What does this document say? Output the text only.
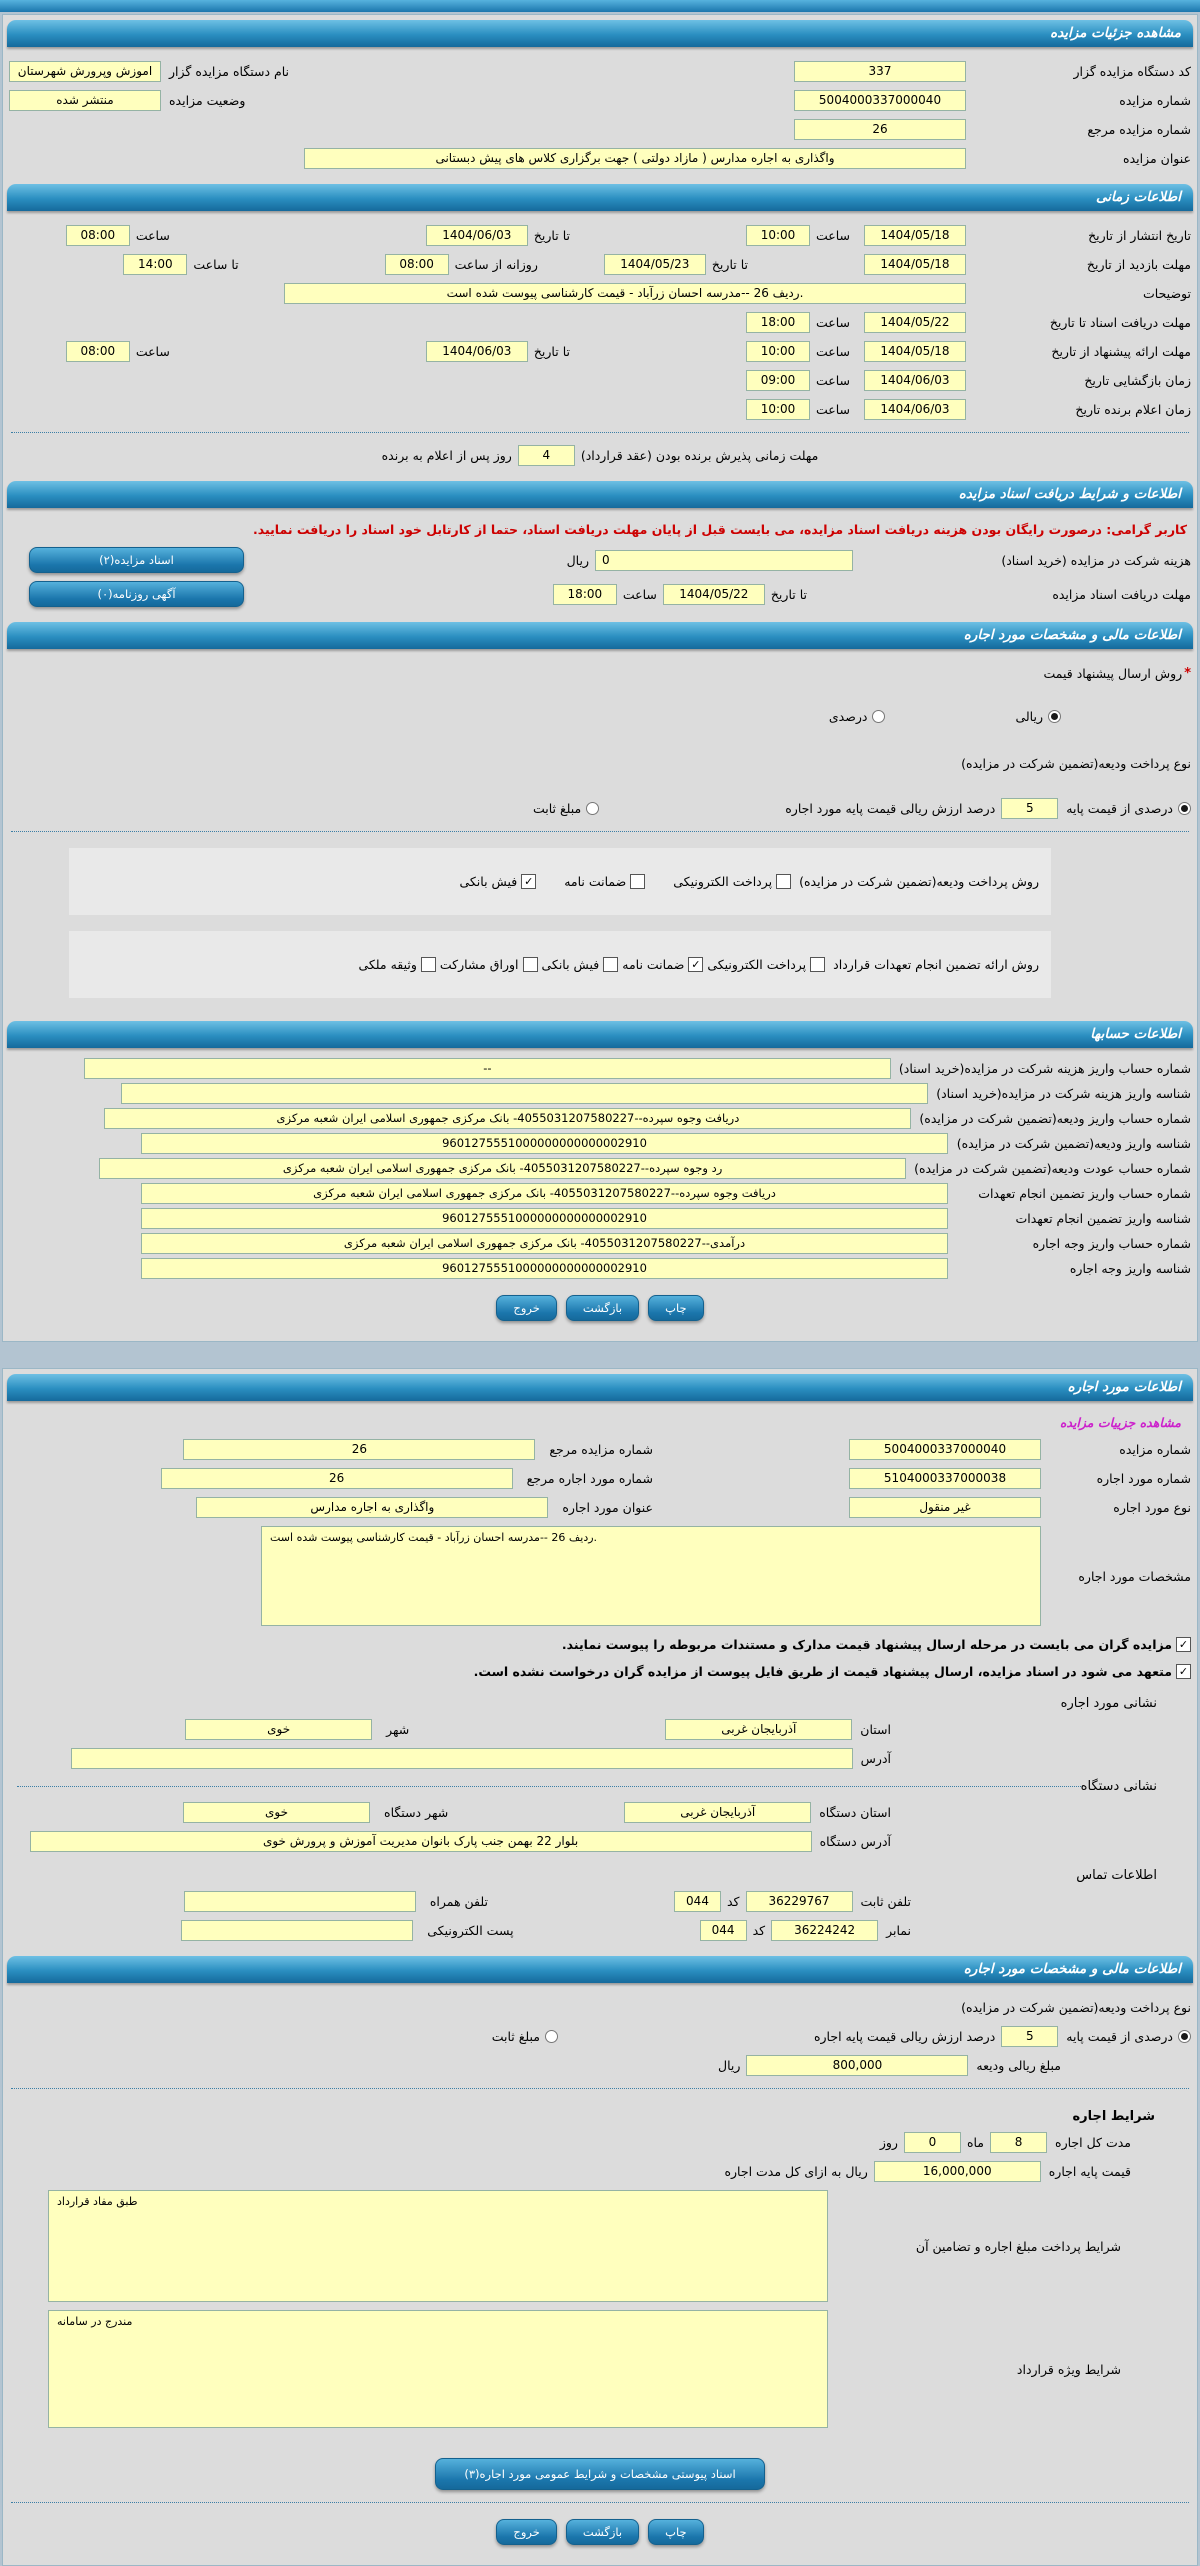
مشاهده جزئیات مزایده
کد دستگاه مزایده گزار
337
نام دستگاه مزایده گزار
اموزش وپرورش شهرستان
شماره مزایده
5004000337000040
وضعیت مزایده
منتشر شده
شماره مزایده مرجع
26
عنوان مزایده
واگذاری به اجاره مدارس ( مازاد دولتی ) جهت برگزاری کلاس های پیش دبستانی
اطلاعات زمانی
تاریخ انتشار از تاریخ
1404/05/18
ساعت
10:00
تا تاریخ
1404/06/03
ساعت
08:00
مهلت بازدید از تاریخ
1404/05/18
تا تاریخ
1404/05/23
روزانه از ساعت
08:00
تا ساعت
14:00
توضیحات
ردیف 26 --مدرسه احسان زرآباد - قیمت کارشناسی پیوست شده است.
مهلت دریافت اسناد تا تاریخ
1404/05/22
ساعت
18:00
مهلت ارائه پیشنهاد از تاریخ
1404/05/18
ساعت
10:00
تا تاریخ
1404/06/03
ساعت
08:00
زمان بازگشایی تاریخ
1404/06/03
ساعت
09:00
زمان اعلام برنده تاریخ
1404/06/03
ساعت
10:00
مهلت زمانی پذیرش برنده بودن (عقد قرارداد)
4
روز پس از اعلام به برنده
اطلاعات و شرایط دریافت اسناد مزایده
کاربر گرامی: درصورت رایگان بودن هزینه دریافت اسناد مزایده، می بایست قبل از پایان مهلت دریافت اسناد، حتما از کارتابل خود اسناد را دریافت نمایید.
هزینه شرکت در مزایده (خرید اسناد)
0
ریال
اسناد مزایده(۲)
مهلت دریافت اسناد مزایده
تا تاریخ
1404/05/22
ساعت
18:00
آگهی روزنامه(۰)
اطلاعات مالی و مشخصات مورد اجاره
*
روش ارسال پیشنهاد قیمت
ریالی
درصدی
نوع پرداخت ودیعه(تضمین شرکت در مزایده)
درصدی از قیمت پایه
5
درصد ارزش ریالی قیمت پایه مورد اجاره
مبلغ ثابت
روش پرداخت ودیعه(تضمین شرکت در مزایده)
پرداخت الکترونیکی
ضمانت نامه
✓
فیش بانکی
روش ارائه تضمین انجام تعهدات قرارداد
پرداخت الکترونیکی
✓
ضمانت نامه
فیش بانکی
اوراق مشارکت
وثیقه ملکی
اطلاعات حسابها
شماره حساب واریز هزینه شرکت در مزایده(خرید اسناد)
--
شناسه واریز هزینه شرکت در مزایده(خرید اسناد)
شماره حساب واریز ودیعه(تضمین شرکت در مزایده)
دریافت وجوه سپرده--4055031207580227- بانک مرکزی جمهوری اسلامی ایران شعبه مرکزی
شناسه واریز ودیعه(تضمین شرکت در مزایده)
9601275551000000000000002910
شماره حساب عودت ودیعه(تضمین شرکت در مزایده)
رد وجوه سپرده--4055031207580227- بانک مرکزی جمهوری اسلامی ایران شعبه مرکزی
شماره حساب واریز تضمین انجام تعهدات
دریافت وجوه سپرده--4055031207580227- بانک مرکزی جمهوری اسلامی ایران شعبه مرکزی
شناسه واریز تضمین انجام تعهدات
9601275551000000000000002910
شماره حساب واریز وجه اجاره
درآمدی--4055031207580227- بانک مرکزی جمهوری اسلامی ایران شعبه مرکزی
شناسه واریز وجه اجاره
9601275551000000000000002910
چاپ
بازگشت
خروج
اطلاعات مورد اجاره
مشاهده جزییات مزایده
شماره مزایده
5004000337000040
شماره مزایده مرجع
26
شماره مورد اجاره
5104000337000038
شماره مورد اجاره مرجع
26
نوع مورد اجاره
غیر منقول
عنوان مورد اجاره
واگذاری به اجاره مدارس
مشخصات مورد اجاره
ردیف 26 --مدرسه احسان زرآباد - قیمت کارشناسی پیوست شده است.
✓
مزایده گران می بایست در مرحله ارسال پیشنهاد قیمت مدارک و مستندات مربوطه را پیوست نمایند.
✓
متعهد می شود در اسناد مزایده، ارسال پیشنهاد قیمت از طریق فایل پیوست از مزایده گران درخواست نشده است.
نشانی مورد اجاره
استان
آذربایجان غربی
شهر
خوی
آدرس
نشانی دستگاه
استان دستگاه
آذربایجان غربی
شهر دستگاه
خوی
آدرس دستگاه
بلوار 22 بهمن جنب پارک بانوان مدیریت آموزش و پرورش خوی
اطلاعات تماس
تلفن ثابت
36229767
کد
044
تلفن همراه
نمابر
36224242
کد
044
پست الکترونیکی
اطلاعات مالی و مشخصات مورد اجاره
نوع پرداخت ودیعه(تضمین شرکت در مزایده)
درصدی از قیمت پایه
5
درصد ارزش ریالی قیمت پایه اجاره
مبلغ ثابت
مبلغ ریالی ودیعه
800,000
ریال
شرایط اجاره
مدت کل اجاره
8
ماه
0
روز
قیمت پایه اجاره
16,000,000
ریال به ازای کل مدت اجاره
شرایط پرداخت مبلغ اجاره و تضامین آن
طبق مفاد قرارداد
شرایط ویژه قرارداد
مندرج در سامانه
اسناد پیوستی مشخصات و شرایط عمومی مورد اجاره(۳)
چاپ
بازگشت
خروج
